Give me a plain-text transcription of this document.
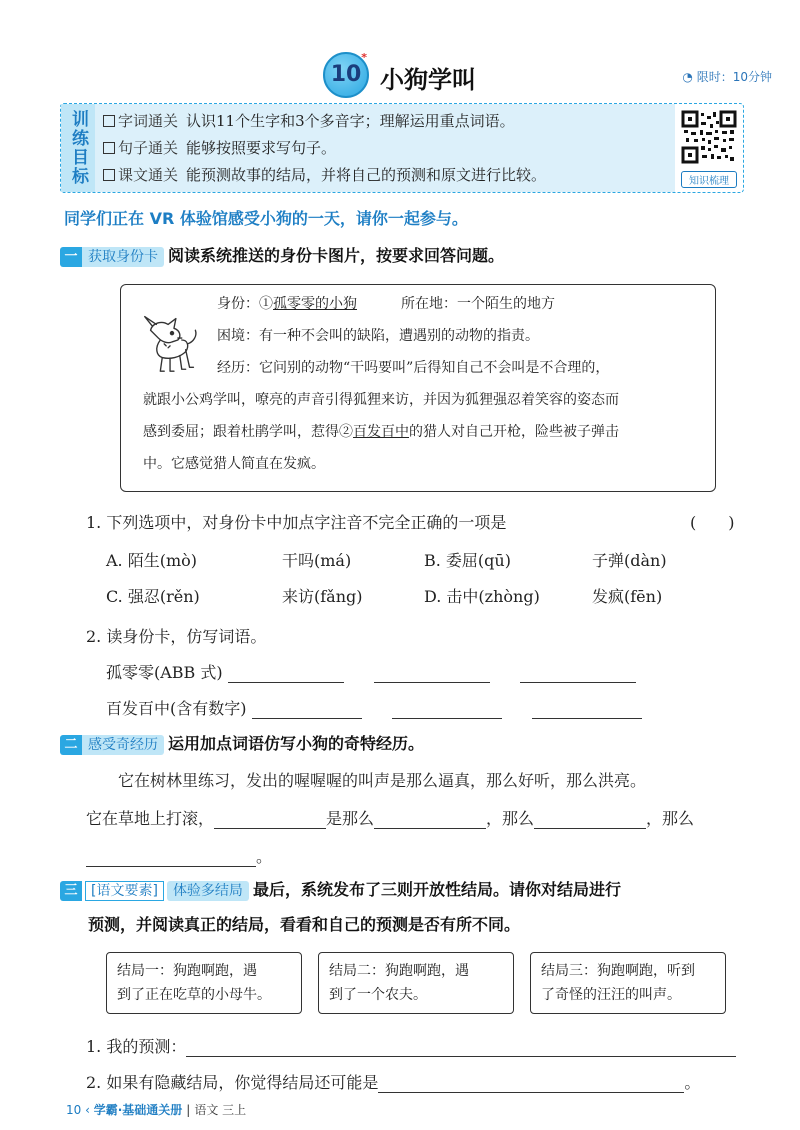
10
*
小狗学叫	◔ 限时：10分钟
训练目标	字词通关 认识11个生字和3个多音字；理解运用重点词语。
句子通关 能够按照要求写句子。
课文通关 能预测故事的结局，并将自己的预测和原文进行比较。	知识梳理
同学们正在 VR 体验馆感受小狗的一天，请你一起参与。
一 获取身份卡 阅读系统推送的身份卡图片，按要求回答问题。
身份：①孤零零的小狗	所在地：一个陌生的地方
困境：有一种不会叫的缺陷，遭遇别的动物的指责。
经历：它问别的动物“干吗要叫”后得知自己不会叫是不合理的，
就跟小公鸡学叫，嘹亮的声音引得狐狸来访，并因为狐狸强忍着笑容的姿态而
感到委屈；跟着杜鹃学叫，惹得②百发百中的猎人对自己开枪，险些被子弹击
中。它感觉猎人简直在发疯。
1. 下列选项中，对身份卡中加点字注音不完全正确的一项是	(　　)
A. 陌生(mò)	干吗(má)	B. 委屈(qū)	子弹(dàn)
C. 强忍(rěn)	来访(fǎng)	D. 击中(zhòng)	发疯(fēn)
2. 读身份卡，仿写词语。
孤零零(ABB 式)
百发百中(含有数字)
二 感受奇经历 运用加点词语仿写小狗的奇特经历。
它在树林里练习，发出的喔喔喔的叫声是那么逼真，那么好听，那么洪亮。
它在草地上打滚，	是那么	，那么	，那么
。
三 [语文要素] 体验多结局 最后，系统发布了三则开放性结局。请你对结局进行
预测，并阅读真正的结局，看看和自己的预测是否有所不同。
结局一：狗跑啊跑，遇
到了正在吃草的小母牛。
结局二：狗跑啊跑，遇
到了一个农夫。
结局三：狗跑啊跑，听到
了奇怪的汪汪的叫声。
1. 我的预测：
2. 如果有隐藏结局，你觉得结局还可能是	。
10 ‹ 学霸·基础通关册 | 语文 三上
